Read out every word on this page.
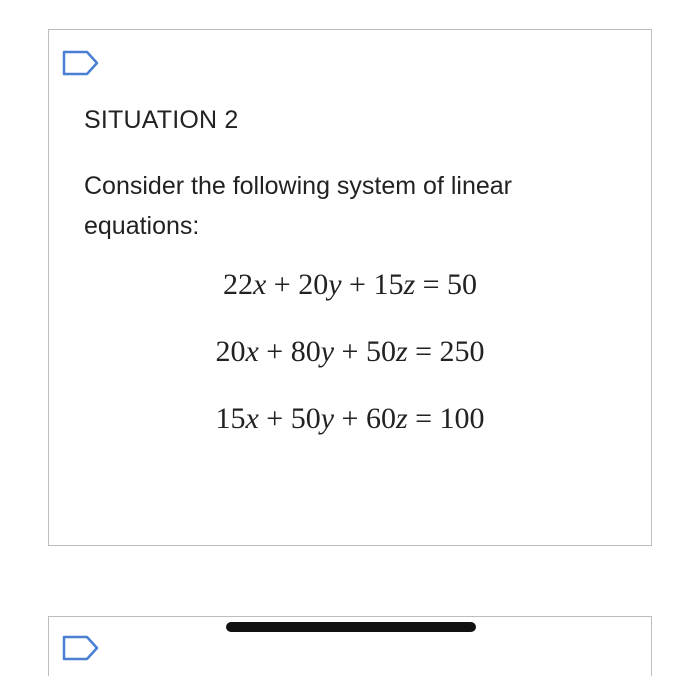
SITUATION 2
Consider the following system of linear equations:
22x + 20y + 15z = 50
20x + 80y + 50z = 250
15x + 50y + 60z = 100
